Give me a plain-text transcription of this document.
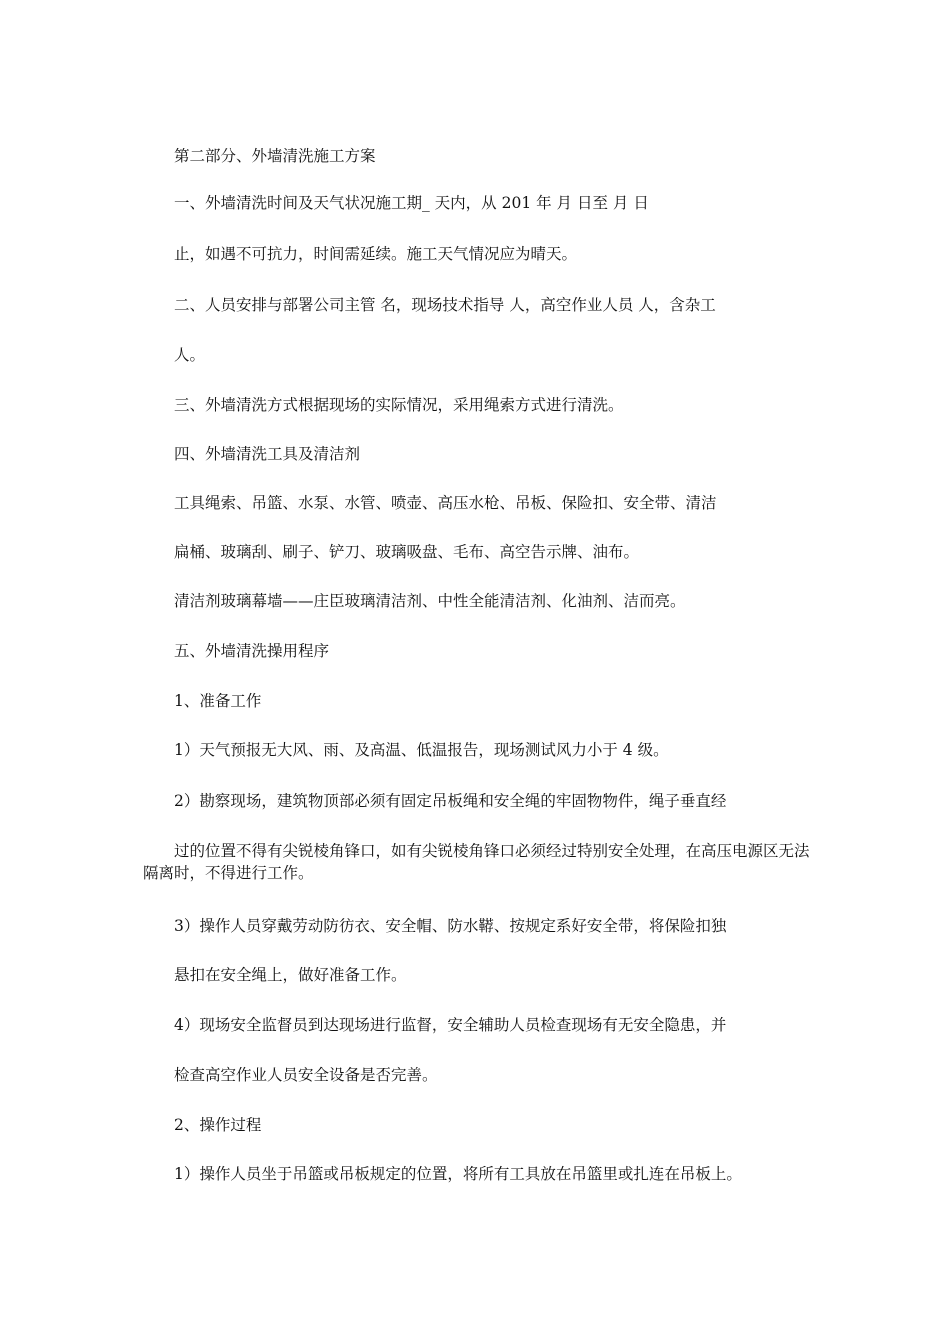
第二部分、外墙清洗施工方案
一、外墙清洗时间及天气状况施工期_ 天内，从 201 年 月 日至 月 日
止，如遇不可抗力，时间需延续。施工天气情况应为晴天。
二、人员安排与部署公司主管 名，现场技术指导 人，高空作业人员 人，含杂工
人。
三、外墙清洗方式根据现场的实际情况，采用绳索方式进行清洗。
四、外墙清洗工具及清洁剂
工具绳索、吊篮、水泵、水管、喷壶、高压水枪、吊板、保险扣、安全带、清洁
扁桶、玻璃刮、刷子、铲刀、玻璃吸盘、毛布、高空告示牌、油布。
清洁剂玻璃幕墙——庄臣玻璃清洁剂、中性全能清洁剂、化油剂、洁而亮。
五、外墙清洗操用程序
1、准备工作
1）天气预报无大风、雨、及高温、低温报告，现场测试风力小于 4 级。
2）勘察现场，建筑物顶部必须有固定吊板绳和安全绳的牢固物物件，绳子垂直经
过的位置不得有尖锐棱角锋口，如有尖锐棱角锋口必须经过特别安全处理，在高压电源区无法隔离时，不得进行工作。
3）操作人员穿戴劳动防彷衣、安全帽、防水鞯、按规定系好安全带，将保险扣独
悬扣在安全绳上，做好准备工作。
4）现场安全监督员到达现场进行监督，安全辅助人员检查现场有无安全隐患，并
检查高空作业人员安全设备是否完善。
2、操作过程
1）操作人员坐于吊篮或吊板规定的位置，将所有工具放在吊篮里或扎连在吊板上。
